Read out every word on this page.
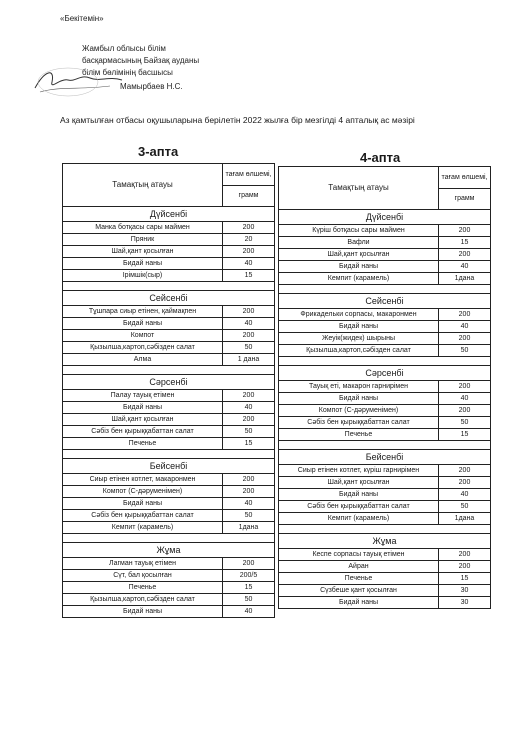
«Бекітемін»
Жамбыл облысы білім
басқармасының Байзақ ауданы
білім бөлімінің басшысы
Мамырбаев Н.С.
Аз қамтылған отбасы оқушыларына берілетін 2022 жылға бір мезгілді 4 апталық ас мәзірі
3-апта	4-апта
Тамақтың атауы	тағам өлшемі,
	грамм
Дүйсенбі	
Манка ботқасы сары маймен	200
Пряник	20
Шай,қант қосылған	200
Бидай наны	40
Ірімшік(сыр)	15

Сейсенбі	
Тұшпара сиыр етінен, қаймақпен	200
Бидай наны	40
Компот	200
Қызылша,картоп,сәбізден салат	50
Алма	1 дана

Сәрсенбі	
Палау тауық етімен	200
Бидай наны	40
Шай,қант қосылған	200
Сәбіз бен қырыққабаттан салат	50
Печенье	15

Бейсенбі	
Сиыр етінен котлет, макаронмен	200
Компот (С-дәруменімен)	200
Бидай наны	40
Сәбіз бен қырыққабаттан салат	50
Кемпит (карамель)	1дана

Жұма	
Лагман тауық етімен	200
Сүт, бал қосылған	200/5
Печенье	15
Қызылша,картоп,сәбізден салат	50
Бидай наны	40
Тамақтың атауы	тағам өлшемі,
	грамм
Дүйсенбі	
Күріш ботқасы сары маймен	200
Вафли	15
Шай,қант қосылған	200
Бидай наны	40
Кемпит (карамель)	1дана

Сейсенбі	
Фрикадельки сорпасы, макаронмен	200
Бидай наны	40
Жеуік(жидек) шырыны	200
Қызылша,картоп,сәбізден салат	50

Сәрсенбі	
Тауық еті, макарон гарнирімен	200
Бидай наны	40
Компот (С-дәруменімен)	200
Сәбіз бен қырыққабаттан салат	50
Печенье	15

Бейсенбі	
Сиыр етінен котлет, күріш гарнирімен	200
Шай,қант қосылған	200
Бидай наны	40
Сәбіз бен қырыққабаттан салат	50
Кемпит (карамель)	1дана

Жұма	
Кеспе сорпасы тауық етімен	200
Айран	200
Печенье	15
Сүзбеше қант қосылған	30
Бидай наны	30
